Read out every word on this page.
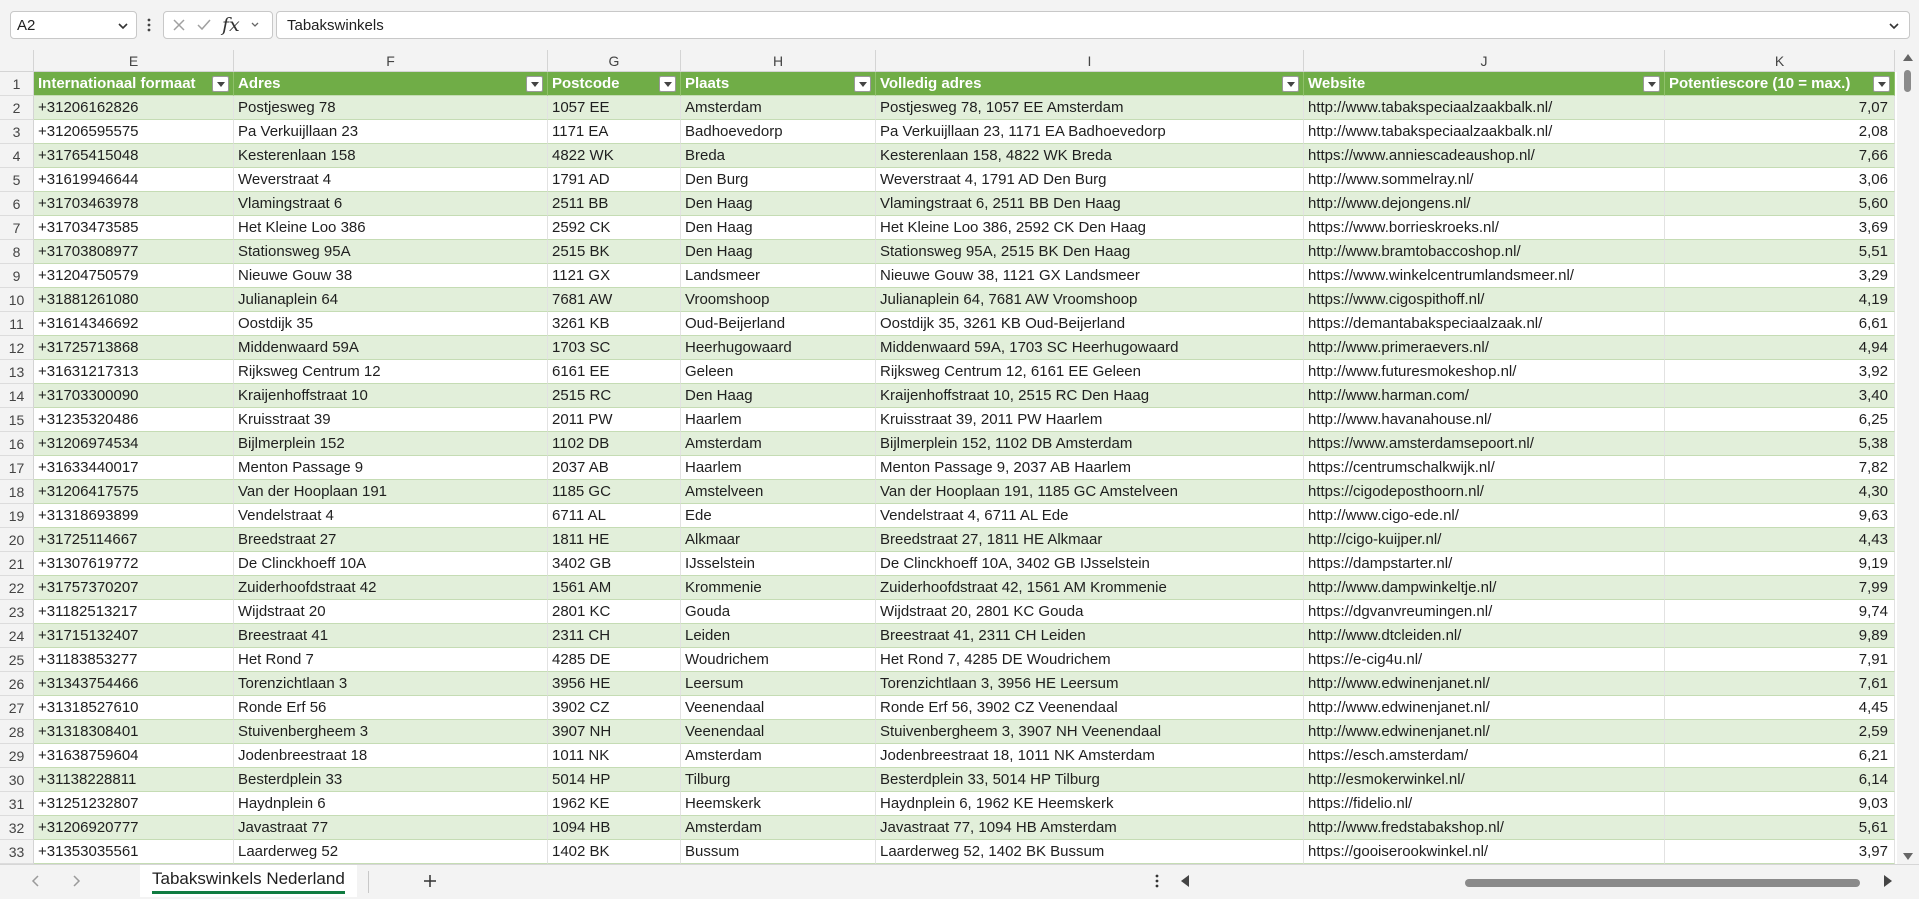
A2	fx	Tabakswinkels
E	F	G	H	I	J	K
1	Internationaal formaat	Adres	Postcode	Plaats	Volledig adres	Website	Potentiescore (10 = max.)
2	+31206162826	Postjesweg 78	1057 EE	Amsterdam	Postjesweg 78, 1057 EE Amsterdam	http://www.tabakspeciaalzaakbalk.nl/	7,07
3	+31206595575	Pa Verkuijllaan 23	1171 EA	Badhoevedorp	Pa Verkuijllaan 23, 1171 EA Badhoevedorp	http://www.tabakspeciaalzaakbalk.nl/	2,08
4	+31765415048	Kesterenlaan 158	4822 WK	Breda	Kesterenlaan 158, 4822 WK Breda	https://www.anniescadeaushop.nl/	7,66
5	+31619946644	Weverstraat 4	1791 AD	Den Burg	Weverstraat 4, 1791 AD Den Burg	http://www.sommelray.nl/	3,06
6	+31703463978	Vlamingstraat 6	2511 BB	Den Haag	Vlamingstraat 6, 2511 BB Den Haag	http://www.dejongens.nl/	5,60
7	+31703473585	Het Kleine Loo 386	2592 CK	Den Haag	Het Kleine Loo 386, 2592 CK Den Haag	https://www.borrieskroeks.nl/	3,69
8	+31703808977	Stationsweg 95A	2515 BK	Den Haag	Stationsweg 95A, 2515 BK Den Haag	http://www.bramtobaccoshop.nl/	5,51
9	+31204750579	Nieuwe Gouw 38	1121 GX	Landsmeer	Nieuwe Gouw 38, 1121 GX Landsmeer	https://www.winkelcentrumlandsmeer.nl/	3,29
10 +31881261080	Julianaplein 64	7681 AW	Vroomshoop	Julianaplein 64, 7681 AW Vroomshoop	https://www.cigospithoff.nl/	4,19
11 +31614346692	Oostdijk 35	3261 KB	Oud-Beijerland	Oostdijk 35, 3261 KB Oud-Beijerland	https://demantabakspeciaalzaak.nl/	6,61
12 +31725713868	Middenwaard 59A	1703 SC	Heerhugowaard	Middenwaard 59A, 1703 SC Heerhugowaard	http://www.primeraevers.nl/	4,94
13 +31631217313	Rijksweg Centrum 12	6161 EE	Geleen	Rijksweg Centrum 12, 6161 EE Geleen	http://www.futuresmokeshop.nl/	3,92
14 +31703300090	Kraijenhoffstraat 10	2515 RC	Den Haag	Kraijenhoffstraat 10, 2515 RC Den Haag	http://www.harman.com/	3,40
15 +31235320486	Kruisstraat 39	2011 PW	Haarlem	Kruisstraat 39, 2011 PW Haarlem	http://www.havanahouse.nl/	6,25
16 +31206974534	Bijlmerplein 152	1102 DB	Amsterdam	Bijlmerplein 152, 1102 DB Amsterdam	https://www.amsterdamsepoort.nl/	5,38
17 +31633440017	Menton Passage 9	2037 AB	Haarlem	Menton Passage 9, 2037 AB Haarlem	https://centrumschalkwijk.nl/	7,82
18 +31206417575	Van der Hooplaan 191	1185 GC	Amstelveen	Van der Hooplaan 191, 1185 GC Amstelveen	https://cigodeposthoorn.nl/	4,30
19 +31318693899	Vendelstraat 4	6711 AL	Ede	Vendelstraat 4, 6711 AL Ede	http://www.cigo-ede.nl/	9,63
20 +31725114667	Breedstraat 27	1811 HE	Alkmaar	Breedstraat 27, 1811 HE Alkmaar	http://cigo-kuijper.nl/	4,43
21 +31307619772	De Clinckhoeff 10A	3402 GB	IJsselstein	De Clinckhoeff 10A, 3402 GB IJsselstein	https://dampstarter.nl/	9,19
22 +31757370207	Zuiderhoofdstraat 42	1561 AM	Krommenie	Zuiderhoofdstraat 42, 1561 AM Krommenie	http://www.dampwinkeltje.nl/	7,99
23 +31182513217	Wijdstraat 20	2801 KC	Gouda	Wijdstraat 20, 2801 KC Gouda	https://dgvanvreumingen.nl/	9,74
24 +31715132407	Breestraat 41	2311 CH	Leiden	Breestraat 41, 2311 CH Leiden	http://www.dtcleiden.nl/	9,89
25 +31183853277	Het Rond 7	4285 DE	Woudrichem	Het Rond 7, 4285 DE Woudrichem	https://e-cig4u.nl/	7,91
26 +31343754466	Torenzichtlaan 3	3956 HE	Leersum	Torenzichtlaan 3, 3956 HE Leersum	http://www.edwinenjanet.nl/	7,61
27 +31318527610	Ronde Erf 56	3902 CZ	Veenendaal	Ronde Erf 56, 3902 CZ Veenendaal	http://www.edwinenjanet.nl/	4,45
28 +31318308401	Stuivenbergheem 3	3907 NH	Veenendaal	Stuivenbergheem 3, 3907 NH Veenendaal	http://www.edwinenjanet.nl/	2,59
29 +31638759604	Jodenbreestraat 18	1011 NK	Amsterdam	Jodenbreestraat 18, 1011 NK Amsterdam	https://esch.amsterdam/	6,21
30 +31138228811	Besterdplein 33	5014 HP	Tilburg	Besterdplein 33, 5014 HP Tilburg	http://esmokerwinkel.nl/	6,14
31 +31251232807	Haydnplein 6	1962 KE	Heemskerk	Haydnplein 6, 1962 KE Heemskerk	https://fidelio.nl/	9,03
32 +31206920777	Javastraat 77	1094 HB	Amsterdam	Javastraat 77, 1094 HB Amsterdam	http://www.fredstabakshop.nl/	5,61
33 +31353035561	Laarderweg 52	1402 BK	Bussum	Laarderweg 52, 1402 BK Bussum	https://gooiserookwinkel.nl/	3,97
Tabakswinkels Nederland
